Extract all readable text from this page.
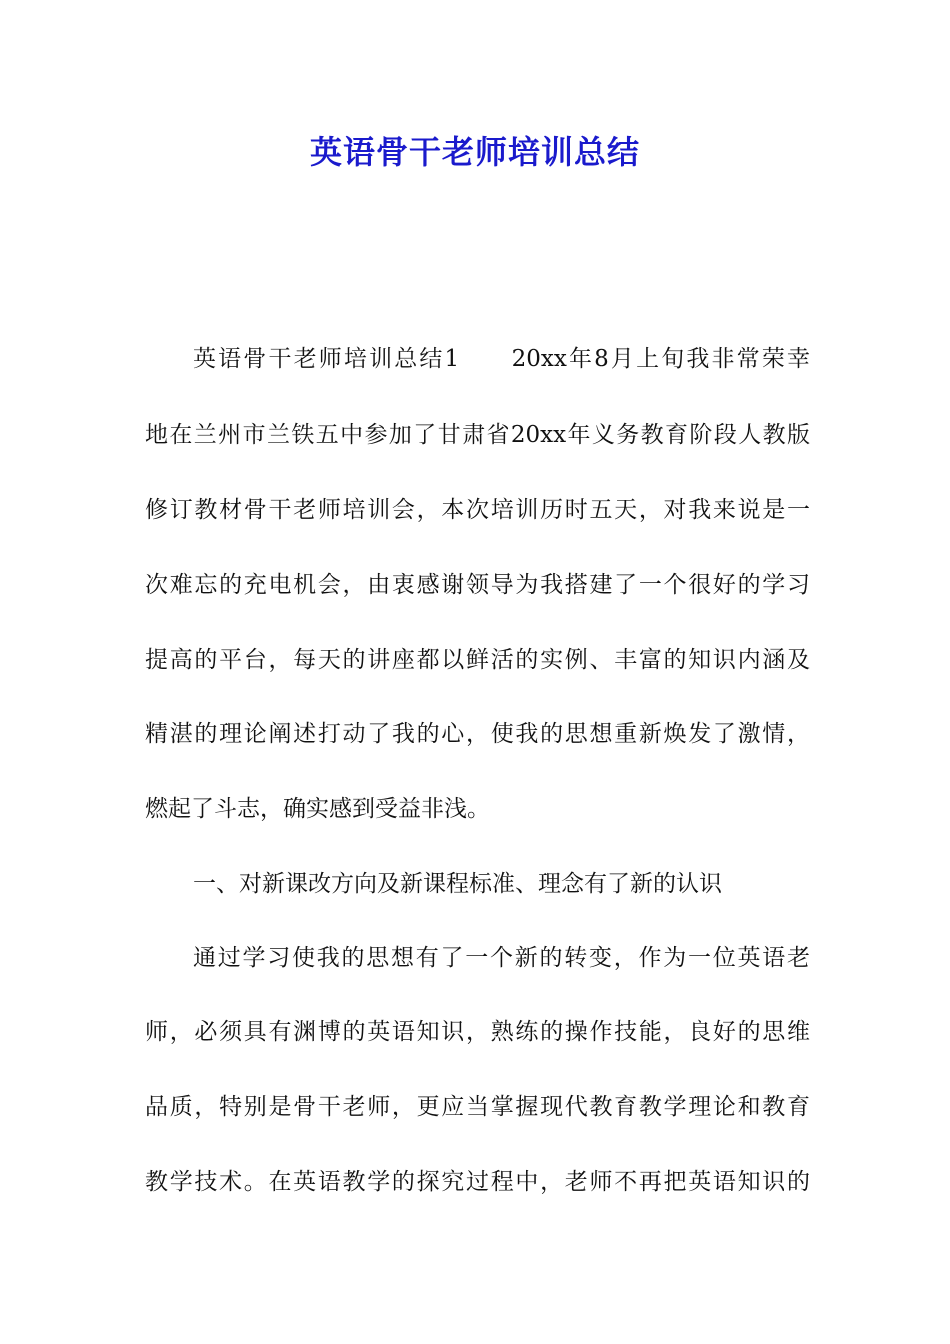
英语骨干老师培训总结
英语骨干老师培训总结1　　20xx年8月上旬我非常荣幸
地在兰州市兰铁五中参加了甘肃省20xx年义务教育阶段人教版
修订教材骨干老师培训会，本次培训历时五天，对我来说是一
次难忘的充电机会，由衷感谢领导为我搭建了一个很好的学习
提高的平台，每天的讲座都以鲜活的实例、丰富的知识内涵及
精湛的理论阐述打动了我的心，使我的思想重新焕发了激情，
燃起了斗志，确实感到受益非浅。
一、对新课改方向及新课程标准、理念有了新的认识
通过学习使我的思想有了一个新的转变，作为一位英语老
师，必须具有渊博的英语知识，熟练的操作技能，良好的思维
品质，特别是骨干老师，更应当掌握现代教育教学理论和教育
教学技术。在英语教学的探究过程中，老师不再把英语知识的
